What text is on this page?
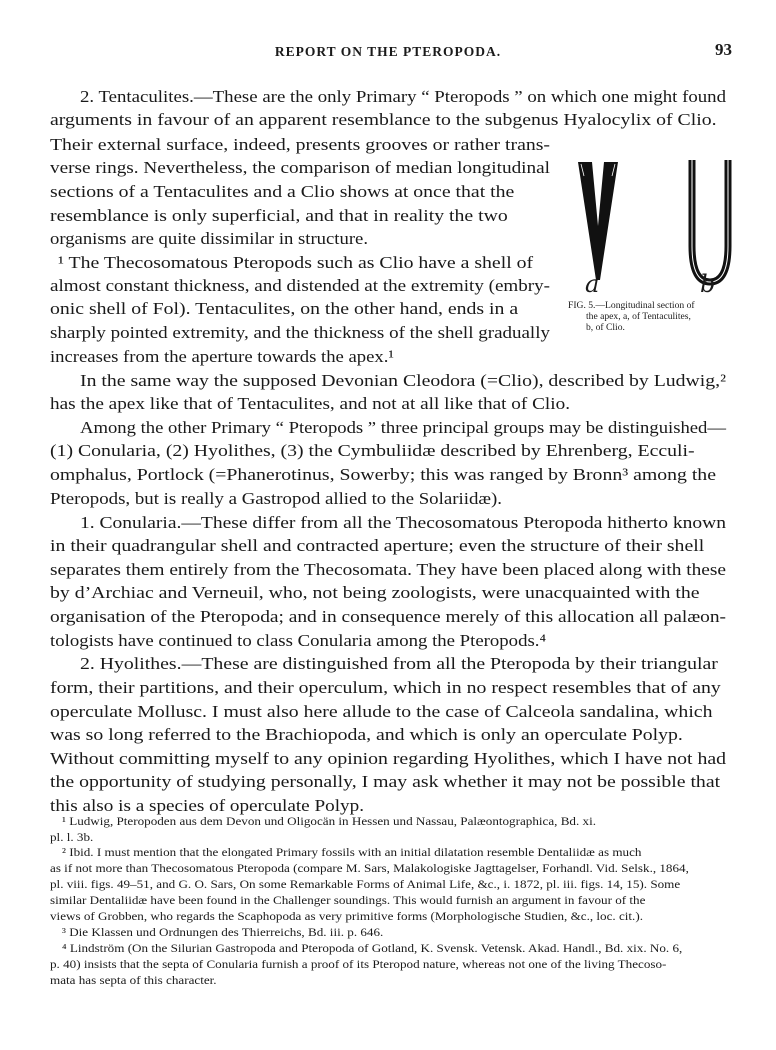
REPORT ON THE PTEROPODA.	93
2. Tentaculites.—These are the only Primary “ Pteropods ” on which one might found
arguments in favour of an apparent resemblance to the subgenus Hyalocylix of Clio.
Their external surface, indeed, presents grooves or rather trans-
verse rings. Nevertheless, the comparison of median longitudinal
sections of a Tentaculites and a Clio shows at once that the
resemblance is only superficial, and that in reality the two
organisms are quite dissimilar in structure.
¹ The Thecosomatous Pteropods such as Clio have a shell of
almost constant thickness, and distended at the extremity (embry-
onic shell of Fol). Tentaculites, on the other hand, ends in a
sharply pointed extremity, and the thickness of the shell gradually
increases from the aperture towards the apex.¹
In the same way the supposed Devonian Cleodora (=Clio), described by Ludwig,²
has the apex like that of Tentaculites, and not at all like that of Clio.
Among the other Primary “ Pteropods ” three principal groups may be distinguished—
(1) Conularia, (2) Hyolithes, (3) the Cymbuliidæ described by Ehrenberg, Ecculi-
omphalus, Portlock (=Phanerotinus, Sowerby; this was ranged by Bronn³ among the
Pteropods, but is really a Gastropod allied to the Solariidæ).
1. Conularia.—These differ from all the Thecosomatous Pteropoda hitherto known
in their quadrangular shell and contracted aperture; even the structure of their shell
separates them entirely from the Thecosomata. They have been placed along with these
by d’Archiac and Verneuil, who, not being zoologists, were unacquainted with the
organisation of the Pteropoda; and in consequence merely of this allocation all palæon-
tologists have continued to class Conularia among the Pteropods.⁴
2. Hyolithes.—These are distinguished from all the Pteropoda by their triangular
form, their partitions, and their operculum, which in no respect resembles that of any
operculate Mollusc. I must also here allude to the case of Calceola sandalina, which
was so long referred to the Brachiopoda, and which is only an operculate Polyp.
Without committing myself to any opinion regarding Hyolithes, which I have not had
the opportunity of studying personally, I may ask whether it may not be possible that
this also is a species of operculate Polyp.
¹ Ludwig, Pteropoden aus dem Devon und Oligocän in Hessen und Nassau, Palæontographica, Bd. xi.
pl. l. 3b.
² Ibid. I must mention that the elongated Primary fossils with an initial dilatation resemble Dentaliidæ as much
as if not more than Thecosomatous Pteropoda (compare M. Sars, Malakologiske Jagttagelser, Forhandl. Vid. Selsk., 1864,
pl. viii. figs. 49–51, and G. O. Sars, On some Remarkable Forms of Animal Life, &c., i. 1872, pl. iii. figs. 14, 15). Some
similar Dentaliidæ have been found in the Challenger soundings. This would furnish an argument in favour of the
views of Grobben, who regards the Scaphopoda as very primitive forms (Morphologische Studien, &c., loc. cit.).
³ Die Klassen und Ordnungen des Thierreichs, Bd. iii. p. 646.
⁴ Lindström (On the Silurian Gastropoda and Pteropoda of Gotland, K. Svensk. Vetensk. Akad. Handl., Bd. xix. No. 6,
p. 40) insists that the septa of Conularia furnish a proof of its Pteropod nature, whereas not one of the living Thecoso-
mata has septa of this character.
a	b
FIG. 5.—Longitudinal section of
the apex, a, of Tentaculites,
b, of Clio.
